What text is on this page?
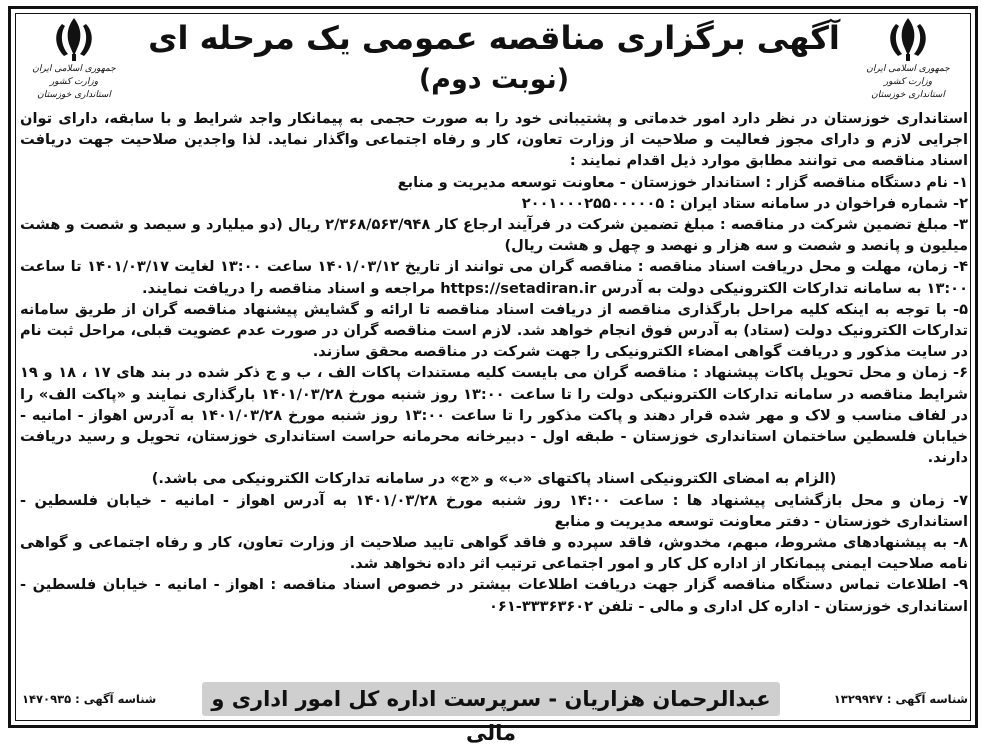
جمهوری اسلامی ایران
وزارت کشور
استانداری خوزستان
جمهوری اسلامی ایران
وزارت کشور
استانداری خوزستان
آگهی برگزاری مناقصه عمومی یک مرحله ای
(نوبت دوم)

استانداری خوزستان در نظر دارد امور خدماتی و پشتیبانی خود را به صورت حجمی به پیمانکار واجد شرایط و با سابقه، دارای توان اجرایی لازم و دارای مجوز فعالیت و صلاحیت از وزارت تعاون، کار و رفاه اجتماعی واگذار نماید. لذا واجدین صلاحیت جهت دریافت اسناد مناقصه می توانند مطابق موارد ذیل اقدام نمایند :

۱- نام دستگاه مناقصه گزار : استاندار خوزستان - معاونت توسعه مدیریت و منابع

۲- شماره فراخوان در سامانه ستاد ایران : ۲۰۰۱۰۰۰۲۵۵۰۰۰۰۰۵

۳- مبلغ تضمین شرکت در مناقصه : مبلغ تضمین شرکت در فرآیند ارجاع کار ۲/۳۶۸/۵۶۳/۹۴۸ ریال (دو میلیارد و سیصد و شصت و هشت میلیون و پانصد و شصت و سه هزار و نهصد و چهل و هشت ریال)

۴- زمان، مهلت و محل دریافت اسناد مناقصه : مناقصه گران می توانند از تاریخ ۱۴۰۱/۰۳/۱۲ ساعت ۱۳:۰۰ لغایت ۱۴۰۱/۰۳/۱۷ تا ساعت ۱۳:۰۰ به سامانه تدارکات الکترونیکی دولت به آدرس https://setadiran.ir مراجعه و اسناد مناقصه را دریافت نمایند.

۵- با توجه به اینکه کلیه مراحل بارگذاری مناقصه از دریافت اسناد مناقصه تا ارائه و گشایش پیشنهاد مناقصه گران از طریق سامانه تدارکات الکترونیک دولت (ستاد) به آدرس فوق انجام خواهد شد. لازم است مناقصه گران در صورت عدم عضویت قبلی، مراحل ثبت نام در سایت مذکور و دریافت گواهی امضاء الکترونیکی را جهت شرکت در مناقصه محقق سازند.

۶- زمان و محل تحویل پاکات پیشنهاد : مناقصه گران می بایست کلیه مستندات پاکات الف ، ب و ج ذکر شده در بند های ۱۷ ، ۱۸ و ۱۹ شرایط مناقصه در سامانه تدارکات الکترونیکی دولت را تا ساعت ۱۳:۰۰ روز شنبه مورخ ۱۴۰۱/۰۳/۲۸ بارگذاری نمایند و «پاکت الف» را در لفاف مناسب و لاک و مهر شده قرار دهند و پاکت مذکور را تا ساعت ۱۳:۰۰ روز شنبه مورخ ۱۴۰۱/۰۳/۲۸ به آدرس اهواز - امانیه - خیابان فلسطین ساختمان استانداری خوزستان - طبقه اول - دبیرخانه محرمانه حراست استانداری خوزستان، تحویل و رسید دریافت دارند.

(الزام به امضای الکترونیکی اسناد پاکتهای «ب» و «ج» در سامانه تدارکات الکترونیکی می باشد.)

۷- زمان و محل بازگشایی پیشنهاد ها : ساعت ۱۴:۰۰ روز شنبه مورخ ۱۴۰۱/۰۳/۲۸ به آدرس اهواز - امانیه - خیابان فلسطین - استانداری خوزستان - دفتر معاونت توسعه مدیریت و منابع

۸- به پیشنهادهای مشروط، مبهم، مخدوش، فاقد سپرده و فاقد گواهی تایید صلاحیت از وزارت تعاون، کار و رفاه اجتماعی و گواهی نامه صلاحیت ایمنی پیمانکار از اداره کل کار و امور اجتماعی ترتیب اثر داده نخواهد شد.

۹- اطلاعات تماس دستگاه مناقصه گزار جهت دریافت اطلاعات بیشتر در خصوص اسناد مناقصه : اهواز - امانیه - خیابان فلسطین - استانداری خوزستان - اداره کل اداری و مالی - تلفن ۳۳۳۶۳۶۰۲-۰۶۱

شناسه آگهی : ۱۳۲۹۹۴۷
عبدالرحمان هزاریان - سرپرست اداره کل امور اداری و مالی
شناسه آگهی : ۱۴۷۰۹۳۵
